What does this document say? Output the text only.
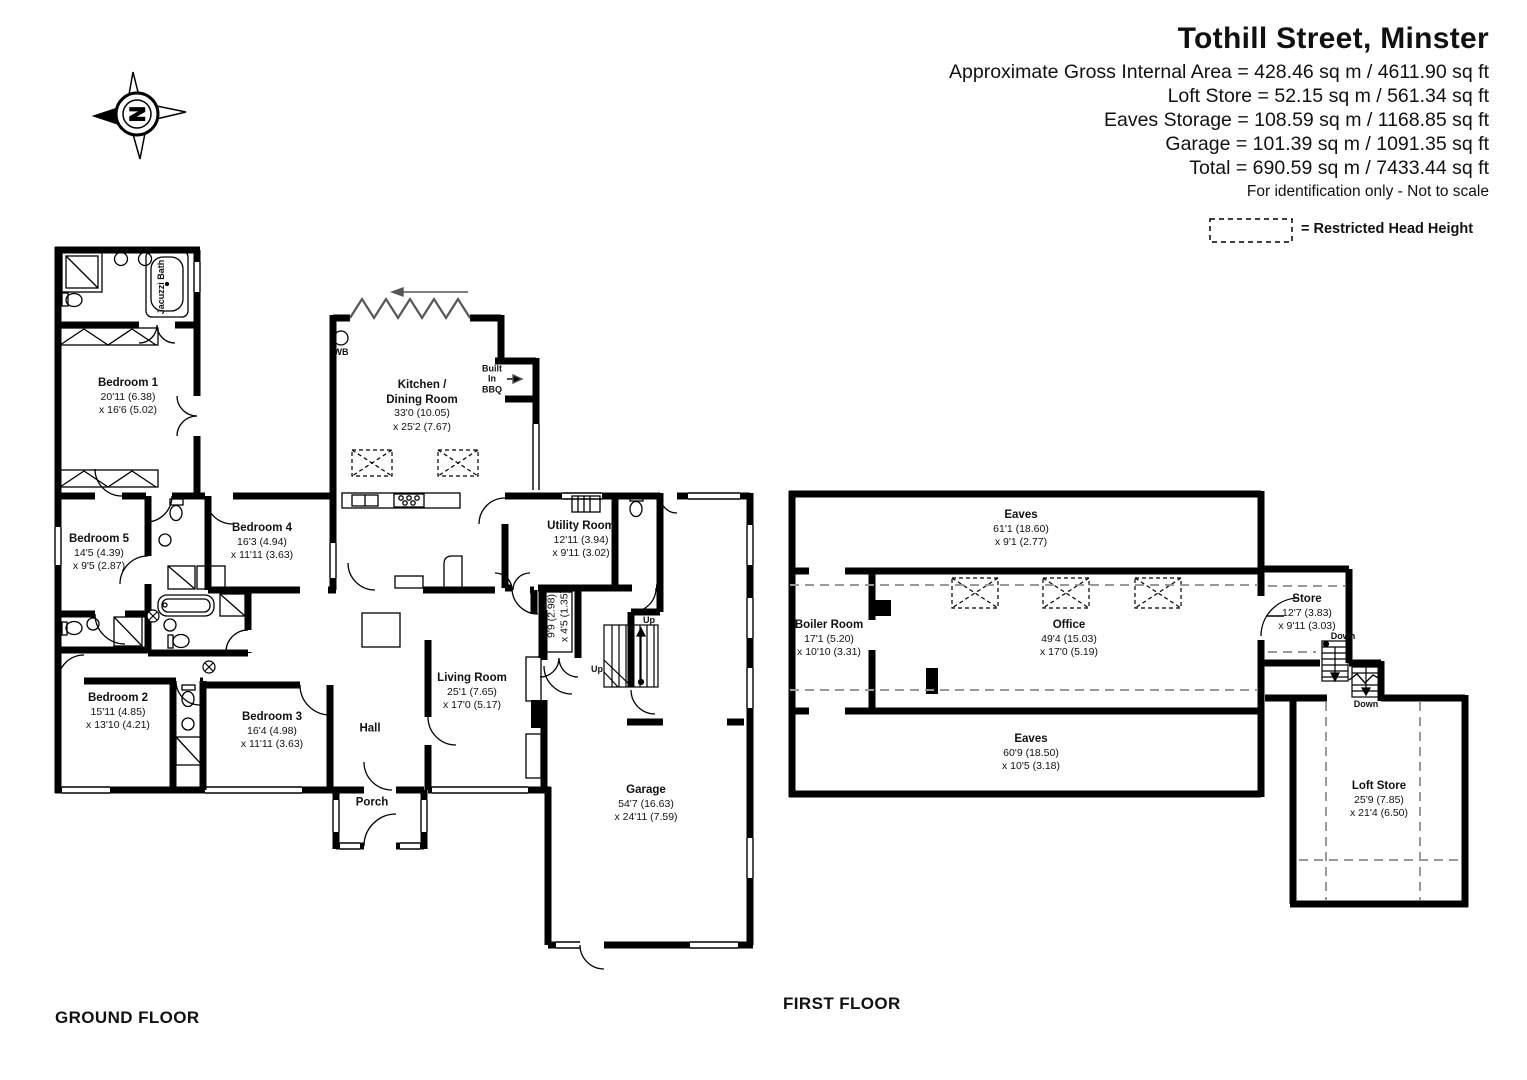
N
Tothill Street, Minster
Approximate Gross Internal Area = 428.46 sq m / 4611.90 sq ft
Loft Store = 52.15 sq m / 561.34 sq ft
Eaves Storage = 108.59 sq m / 1168.85 sq ft
Garage = 101.39 sq m / 1091.35 sq ft
Total = 690.59 sq m / 7433.44 sq ft
For identification only - Not to scale
= Restricted Head Height
Bedroom 1
20'11 (6.38)
x 16'6 (5.02)
Bedroom 5
14'5 (4.39)
x 9'5 (2.87)
Bedroom 4
16'3 (4.94)
x 11'11 (3.63)
Bedroom 2
15'11 (4.85)
x 13'10 (4.21)
Bedroom 3
16'4 (4.98)
x 11'11 (3.63)
Kitchen /
Dining Room
33'0 (10.05)
x 25'2 (7.67)
Living Room
25'1 (7.65)
x 17'0 (5.17)
Utility Room
12'11 (3.94)
x 9'11 (3.02)
Garage
54'7 (16.63)
x 24'11 (7.59)
Hall
Porch
9'9 (2.98) x 4'5 (1.35)
Jacuzzi Bath
WB
Built
In
BBQ
Up
Up
Eaves
61'1 (18.60)
x 9'1 (2.77)
Boiler Room
17'1 (5.20)
x 10'10 (3.31)
Office
49'4 (15.03)
x 17'0 (5.19)
Eaves
60'9 (18.50)
x 10'5 (3.18)
Store
12'7 (3.83)
x 9'11 (3.03)
Loft Store
25'9 (7.85)
x 21'4 (6.50)
Down
Down
GROUND FLOOR
FIRST FLOOR
